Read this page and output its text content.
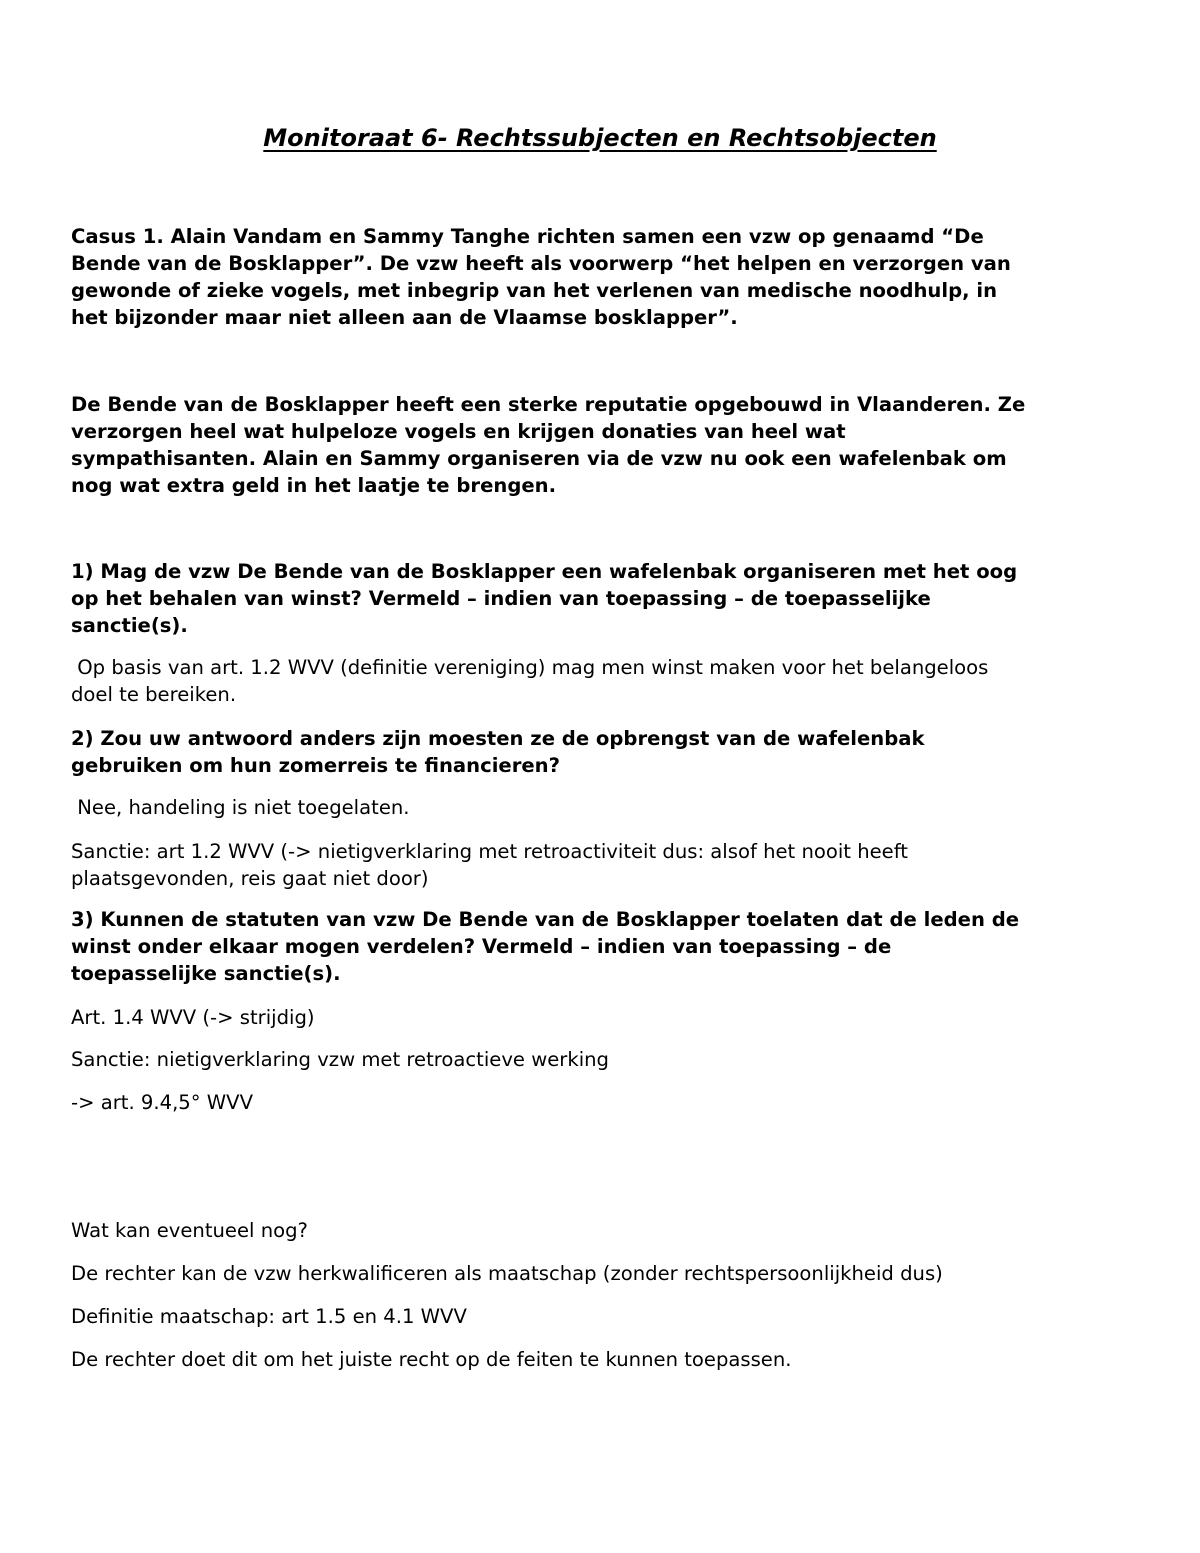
Monitoraat 6- Rechtssubjecten en Rechtsobjecten
Casus 1. Alain Vandam en Sammy Tanghe richten samen een vzw op genaamd “De
Bende van de Bosklapper”. De vzw heeft als voorwerp “het helpen en verzorgen van
gewonde of zieke vogels, met inbegrip van het verlenen van medische noodhulp, in
het bijzonder maar niet alleen aan de Vlaamse bosklapper”.
De Bende van de Bosklapper heeft een sterke reputatie opgebouwd in Vlaanderen. Ze
verzorgen heel wat hulpeloze vogels en krijgen donaties van heel wat
sympathisanten. Alain en Sammy organiseren via de vzw nu ook een wafelenbak om
nog wat extra geld in het laatje te brengen.
1) Mag de vzw De Bende van de Bosklapper een wafelenbak organiseren met het oog
op het behalen van winst? Vermeld – indien van toepassing – de toepasselijke
sanctie(s).
Op basis van art. 1.2 WVV (definitie vereniging) mag men winst maken voor het belangeloos
doel te bereiken.
2) Zou uw antwoord anders zijn moesten ze de opbrengst van de wafelenbak
gebruiken om hun zomerreis te financieren?
Nee, handeling is niet toegelaten.
Sanctie: art 1.2 WVV (-> nietigverklaring met retroactiviteit dus: alsof het nooit heeft
plaatsgevonden, reis gaat niet door)
3) Kunnen de statuten van vzw De Bende van de Bosklapper toelaten dat de leden de
winst onder elkaar mogen verdelen? Vermeld – indien van toepassing – de
toepasselijke sanctie(s).
Art. 1.4 WVV (-> strijdig)
Sanctie: nietigverklaring vzw met retroactieve werking
-> art. 9.4,5° WVV
Wat kan eventueel nog?
De rechter kan de vzw herkwalificeren als maatschap (zonder rechtspersoonlijkheid dus)
Definitie maatschap: art 1.5 en 4.1 WVV
De rechter doet dit om het juiste recht op de feiten te kunnen toepassen.
